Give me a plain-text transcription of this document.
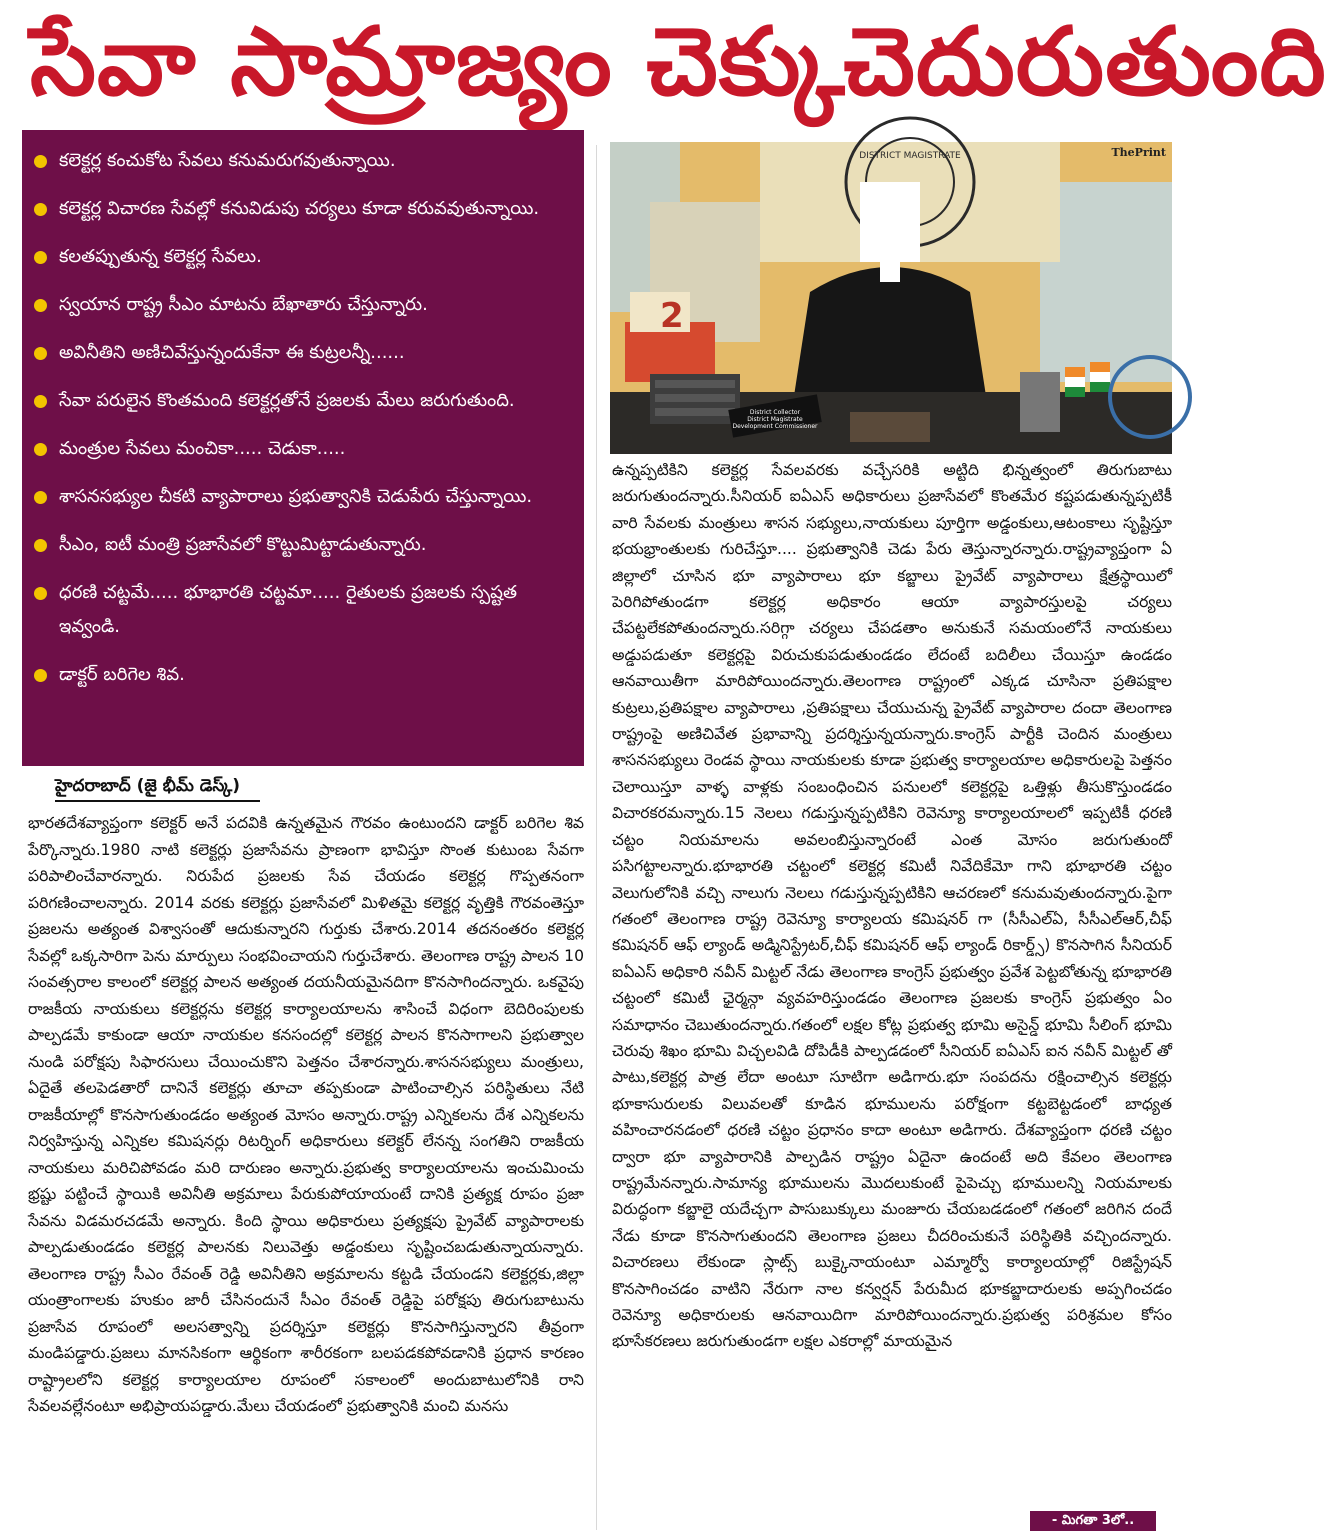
సేవా సామ్రాజ్యం చెక్కుచెదురుతుంది
కలెక్టర్ల కంచుకోట సేవలు కనుమరుగవుతున్నాయి.
కలెక్టర్ల విచారణ సేవల్లో కనువిడుపు చర్యలు కూడా కరువవుతున్నాయి.
కలతప్పుతున్న కలెక్టర్ల సేవలు.
స్వయాన రాష్ట్ర సీఎం మాటను బేఖాతారు చేస్తున్నారు.
అవినీతిని అణిచివేస్తున్నందుకేనా ఈ కుట్రలన్నీ......
సేవా పరులైన కొంతమంది కలెక్టర్లతోనే ప్రజలకు మేలు జరుగుతుంది.
మంత్రుల సేవలు మంచికా..... చెడుకా.....
శాసనసభ్యుల చీకటి వ్యాపారాలు ప్రభుత్వానికి చెడుపేరు చేస్తున్నాయి.
సీఎం, ఐటీ మంత్రి ప్రజాసేవలో కొట్టుమిట్టాడుతున్నారు.
ధరణి చట్టమే..... భూభారతి చట్టమా..... రైతులకు ప్రజలకు స్పష్టత ఇవ్వండి.
డాక్టర్ బరిగెల శివ.
DISTRICT MAGISTRATE
2
District Collector
District Magistrate
Development Commissioner
ThePrint
హైదరాబాద్ (జై భీమ్ డెస్క్)
భారతదేశవ్యాప్తంగా కలెక్టర్ అనే పదవికి ఉన్నతమైన గౌరవం ఉంటుందని డాక్టర్ బరిగెల శివ పేర్కొన్నారు.1980 నాటి కలెక్టర్లు ప్రజాసేవను ప్రాణంగా భావిస్తూ సొంత కుటుంబ సేవగా పరిపాలించేవారన్నారు. నిరుపేద ప్రజలకు సేవ చేయడం కలెక్టర్ల గొప్పతనంగా పరిగణించాలన్నారు. 2014 వరకు కలెక్టర్లు ప్రజాసేవలో మిళితమై కలెక్టర్ల వృత్తికి గౌరవంతెస్తూ ప్రజలను అత్యంత విశ్వాసంతో ఆదుకున్నారని గుర్తుకు చేశారు.2014 తదనంతరం కలెక్టర్ల సేవల్లో ఒక్కసారిగా పెను మార్పులు సంభవించాయని గుర్తుచేశారు. తెలంగాణ రాష్ట్ర పాలన 10 సంవత్సరాల కాలంలో కలెక్టర్ల పాలన అత్యంత దయనీయమైనదిగా కొనసాగిందన్నారు. ఒకవైపు రాజకీయ నాయకులు కలెక్టర్లను కలెక్టర్ల కార్యాలయాలను శాసించే విధంగా బెదిరింపులకు పాల్పడమే కాకుండా ఆయా నాయకుల కనసందల్లో కలెక్టర్ల పాలన కొనసాగాలని ప్రభుత్వాల నుండి పరోక్షపు సిఫారసులు చేయించుకొని పెత్తనం చేశారన్నారు.శాసనసభ్యులు మంత్రులు, ఏదైతే తలపెడతారో దానినే కలెక్టర్లు తూచా తప్పకుండా పాటించాల్సిన పరిస్థితులు నేటి రాజకీయాల్లో కొనసాగుతుండడం అత్యంత మోసం అన్నారు.రాష్ట్ర ఎన్నికలను దేశ ఎన్నికలను నిర్వహిస్తున్న ఎన్నికల కమిషనర్లు రిటర్నింగ్ అధికారులు కలెక్టర్ లేనన్న సంగతిని రాజకీయ నాయకులు మరిచిపోవడం మరి దారుణం అన్నారు.ప్రభుత్వ కార్యాలయాలను ఇంచుమించు భ్రష్టు పట్టించే స్థాయికి అవినీతి అక్రమాలు పేరుకుపోయాయంటే దానికి ప్రత్యక్ష రూపం ప్రజా సేవను విడమరచడమే అన్నారు. కింది స్థాయి అధికారులు ప్రత్యక్షపు ప్రైవేట్ వ్యాపారాలకు పాల్పడుతుండడం కలెక్టర్ల పాలనకు నిలువెత్తు అడ్డంకులు సృష్టించబడుతున్నాయన్నారు. తెలంగాణ రాష్ట్ర సీఎం రేవంత్ రెడ్డి అవినీతిని అక్రమాలను కట్టడి చేయండని కలెక్టర్లకు,జిల్లా యంత్రాంగాలకు హుకుం జారీ చేసినందునే సీఎం రేవంత్ రెడ్డిపై పరోక్షపు తిరుగుబాటును ప్రజాసేవ రూపంలో అలసత్వాన్ని ప్రదర్శిస్తూ కలెక్టర్లు కొనసాగిస్తున్నారని తీవ్రంగా మండిపడ్డారు.ప్రజలు మానసికంగా ఆర్థికంగా శారీరకంగా బలపడకపోవడానికి ప్రధాన కారణం రాష్ట్రాలలోని కలెక్టర్ల కార్యాలయాల రూపంలో సకాలంలో అందుబాటులోనికి రాని సేవలవల్లేనంటూ అభిప్రాయపడ్డారు.మేలు చేయడంలో ప్రభుత్వానికి మంచి మనసు
ఉన్నప్పటికిని కలెక్టర్ల సేవలవరకు వచ్చేసరికి అట్టిది భిన్నత్వంలో తిరుగుబాటు జరుగుతుందన్నారు.సీనియర్ ఐఏఎస్ అధికారులు ప్రజాసేవలో కొంతమేర కష్టపడుతున్నప్పటికీ వారి సేవలకు మంత్రులు శాసన సభ్యులు,నాయకులు పూర్తిగా అడ్డంకులు,ఆటంకాలు సృష్టిస్తూ భయభ్రాంతులకు గురిచేస్తూ.... ప్రభుత్వానికి చెడు పేరు తెస్తున్నారన్నారు.రాష్ట్రవ్యాప్తంగా ఏ జిల్లాలో చూసిన భూ వ్యాపారాలు భూ కబ్జాలు ప్రైవేట్ వ్యాపారాలు క్షేత్రస్థాయిలో పెరిగిపోతుండగా కలెక్టర్ల అధికారం ఆయా వ్యాపారస్తులపై చర్యలు చేపట్టలేకపోతుందన్నారు.సరిగ్గా చర్యలు చేపడతాం అనుకునే సమయంలోనే నాయకులు అడ్డుపడుతూ కలెక్టర్లపై విరుచుకుపడుతుండడం లేదంటే బదిలీలు చేయిస్తూ ఉండడం ఆనవాయితీగా మారిపోయిందన్నారు.తెలంగాణ రాష్ట్రంలో ఎక్కడ చూసినా ప్రతిపక్షాల కుట్రలు,ప్రతిపక్షాల వ్యాపారాలు ,ప్రతిపక్షాలు చేయుచున్న ప్రైవేట్ వ్యాపారాల దందా తెలంగాణ రాష్ట్రంపై అణిచివేత ప్రభావాన్ని ప్రదర్శిస్తున్నయన్నారు.కాంగ్రెస్ పార్టీకి చెందిన మంత్రులు శాసనసభ్యులు రెండవ స్థాయి నాయకులకు కూడా ప్రభుత్వ కార్యాలయాల అధికారులపై పెత్తనం చెలాయిస్తూ వాళ్ళ వాళ్లకు సంబంధించిన పనులలో కలెక్టర్లపై ఒత్తిళ్లు తీసుకొస్తుండడం విచారకరమన్నారు.15 నెలలు గడుస్తున్నప్పటికిని రెవెన్యూ కార్యాలయాలలో ఇప్పటికీ ధరణి చట్టం నియమాలను అవలంబిస్తున్నారంటే ఎంత మోసం జరుగుతుందో పసిగట్టాలన్నారు.భూభారతి చట్టంలో కలెక్టర్ల కమిటీ నివేదికేమో గాని భూభారతి చట్టం వెలుగులోనికి వచ్చి నాలుగు నెలలు గడుస్తున్నప్పటికిని ఆచరణలో కనుమవుతుందన్నారు.పైగా గతంలో తెలంగాణ రాష్ట్ర రెవెన్యూ కార్యాలయ కమిషనర్ గా (సీసీఎల్ఏ, సీసీఎల్ఆర్,చీఫ్ కమిషనర్ ఆఫ్ ల్యాండ్ అడ్మినిస్ట్రేటర్,చీఫ్ కమిషనర్ ఆఫ్ ల్యాండ్ రికార్డ్స్) కొనసాగిన సీనియర్ ఐఏఎస్ అధికారి నవీన్ మిట్టల్ నేడు తెలంగాణ కాంగ్రెస్ ప్రభుత్వం ప్రవేశ పెట్టబోతున్న భూభారతి చట్టంలో కమిటీ ఛైర్మన్గా వ్యవహరిస్తుండడం తెలంగాణ ప్రజలకు కాంగ్రెస్ ప్రభుత్వం ఏం సమాధానం చెబుతుందన్నారు.గతంలో లక్షల కోట్ల ప్రభుత్వ భూమి అసైన్డ్ భూమి సీలింగ్ భూమి చెరువు శిఖం భూమి విచ్చలవిడి దోపిడీకి పాల్పడడంలో సీనియర్ ఐఏఎస్ ఐన నవీన్ మిట్టల్ తో పాటు,కలెక్టర్ల పాత్ర లేదా అంటూ సూటిగా అడిగారు.భూ సంపదను రక్షించాల్సిన కలెక్టర్లు భూకాసురులకు విలువలతో కూడిన భూములను పరోక్షంగా కట్టబెట్టడంలో బాధ్యత వహించారనడంలో ధరణి చట్టం ప్రధానం కాదా అంటూ అడిగారు. దేశవ్యాప్తంగా ధరణి చట్టం ద్వారా భూ వ్యాపారానికి పాల్పడిన రాష్ట్రం ఏదైనా ఉందంటే అది కేవలం తెలంగాణ రాష్ట్రమేనన్నారు.సామాన్య భూములను మొదలుకుంటే పైపెచ్చు భూములన్ని నియమాలకు విరుద్ధంగా కబ్జాలై యదేచ్చగా పాసుబుక్కులు మంజూరు చేయబడడంలో గతంలో జరిగిన దందే నేడు కూడా కొనసాగుతుందని తెలంగాణ ప్రజలు చీదరించుకునే పరిస్థితికి వచ్చిందన్నారు. విచారణలు లేకుండా స్లాట్స్ బుక్కైనాయంటూ ఎమ్మార్వో కార్యాలయాల్లో రిజిస్ట్రేషన్ కొనసాగించడం వాటిని నేరుగా నాల కన్వర్షన్ పేరుమీద భూకబ్జాదారులకు అప్పగించడం రెవెన్యూ అధికారులకు ఆనవాయిదిగా మారిపోయిందన్నారు.ప్రభుత్వ పరిశ్రమల కోసం భూసేకరణలు జరుగుతుండగా లక్షల ఎకరాల్లో మాయమైన
- మిగతా 3లో..
